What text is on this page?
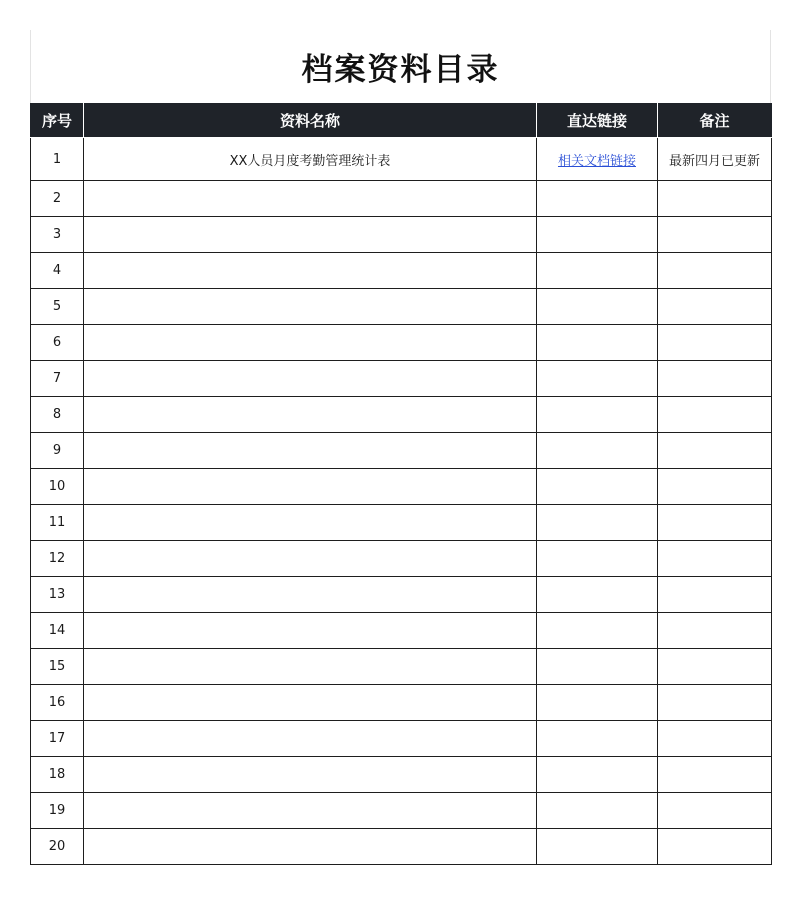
档案资料目录
序号	资料名称	直达链接	备注
1	XX人员月度考勤管理统计表	相关文档链接	最新四月已更新
2			
3			
4			
5			
6			
7			
8			
9			
10			
11			
12			
13			
14			
15			
16			
17			
18			
19			
20			
